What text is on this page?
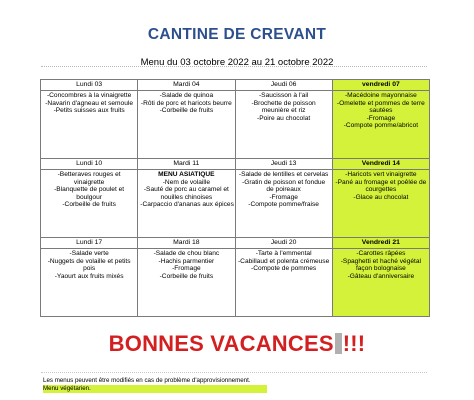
CANTINE DE CREVANT
Menu du 03 octobre 2022 au 21 octobre 2022
Lundi 03	Mardi 04	Jeudi 06	vendredi 07

-Concombres à la vinaigrette
-Navarin d'agneau et semoule
-Petits suisses aux fruits	-Salade de quinoa
-Rôti de porc et haricots beurre
-Corbeille de fruits	-Saucisson à l'ail
-Brochette de poisson meunière et riz
-Poire au chocolat	-Macédoine mayonnaise
-Omelette et pommes de terre sautées
-Fromage
-Compote pomme/abricot

Lundi 10	Mardi 11	Jeudi 13	Vendredi 14

-Betteraves rouges et vinaigrette
-Blanquette de poulet et boulgour
-Corbeille de fruits	MENU ASIATIQUE
-Nem de volaille
-Sauté de porc au caramel et nouilles chinoises
-Carpaccio d'ananas aux épices	-Salade de lentilles et cervelas
-Gratin de poisson et fondue de poireaux
-Fromage
-Compote pomme/fraise	-Haricots vert vinaigrette
-Pané au fromage et poêlée de courgettes
-Glace au chocolat

Lundi 17	Mardi 18	Jeudi 20	Vendredi 21

-Salade verte
-Nuggets de volaille et petits pois
-Yaourt aux fruits mixés	-Salade de chou blanc
-Hachis parmentier
-Fromage
-Corbeille de fruits	-Tarte à l'emmental
-Cabillaud et polenta crémeuse
-Compote de pommes	-Carottes râpées
-Spaghetti et haché végétal façon bolognaise
-Gâteau d'anniversaire
BONNES VACANCES !!!
Les menus peuvent être modifiés en cas de problème d'approvisionnement.
Menu végétarien.
